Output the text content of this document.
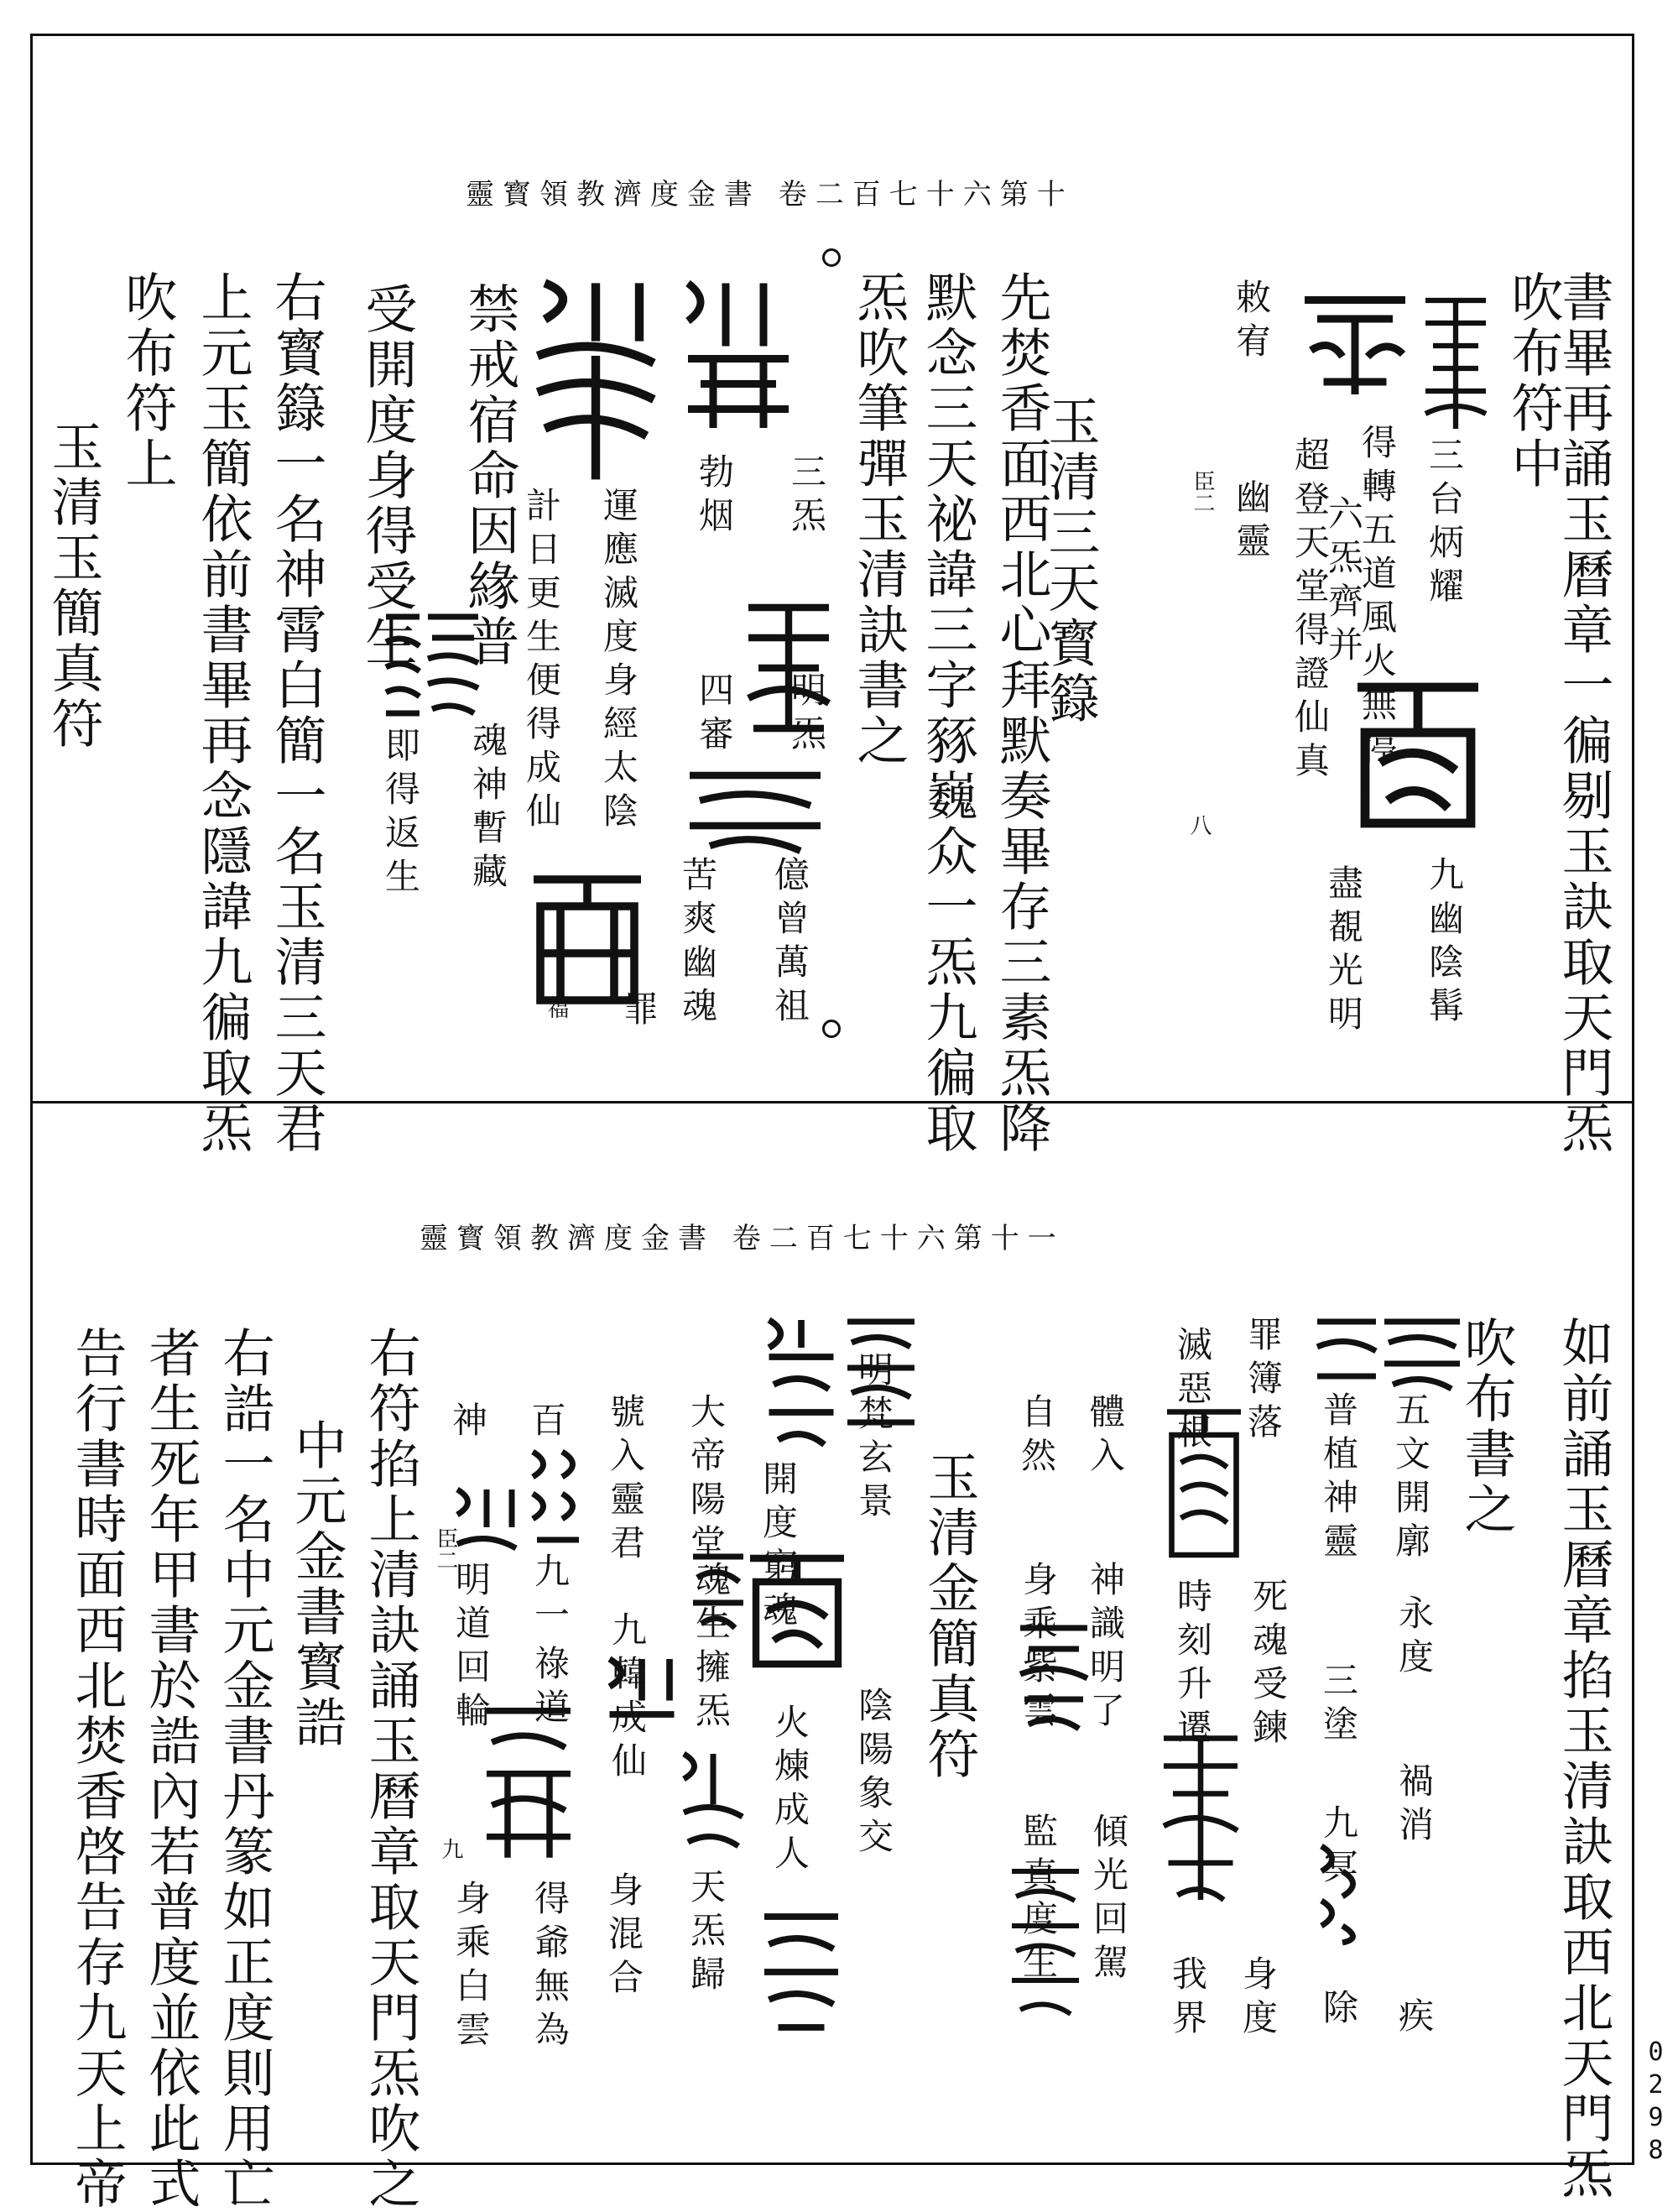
靈寳領教濟度金書 卷二百七十六第十
書畢再誦玉曆章一徧剔玉訣取天門炁
吹布符中
先焚香面西北心拜默奏畢存三素炁降
默念三天祕諱三字豩巍众一炁九徧取
炁吹筆彈玉清訣書之
受開度身得受生 禁戒宿命因緣普
右寳籙一名神霄白簡一名玉清三天君
上元玉簡依前書畢再念隱諱九徧取炁
吹布符上
玉清三天寳籙
玉清玉簡真符
敕宥
幽靈	三台炳耀
六炁齊并
九幽陰髯
盡覩光明
得轉五道風火無停
超登天堂得證仙真
三炁
明炁
億曾萬祖
勃烟
四審
苦爽幽魂
運應滅度身經太陰
計日更生便得成仙
罪
福
魂神暫藏
即得返生
臣二
八
靈寳領教濟度金書 卷二百七十六第十一
如前誦玉曆章掐玉清訣取西北天門炁
吹布書之
右符掐上清訣誦玉曆章取天門炁吹之
右誥一名中元金書丹篆如正度則用亡
者生死年甲書於誥內若普度並依此式
告行書時面西北焚香啓告存九天上帝	玉清金簡真符
中元金書寳誥	五文開廓
永度
禍消
疾
普植神靈
三塗
九冥
除
罪簿落
死魂受鍊
身度
滅惡根
時刻升遷
我界
體入
神識明了
傾光回駕
自然
身乘紫雲
監真度生
明梵玄景
陰陽象交
大帝陽堂 開度窮魂
魂生擁炁
火煉成人
天炁歸
號入靈君
九韓成仙
身混合
百
九一
祿道
得爺無為
神
明道回輪
身乘白雲
臣二
九
0298
